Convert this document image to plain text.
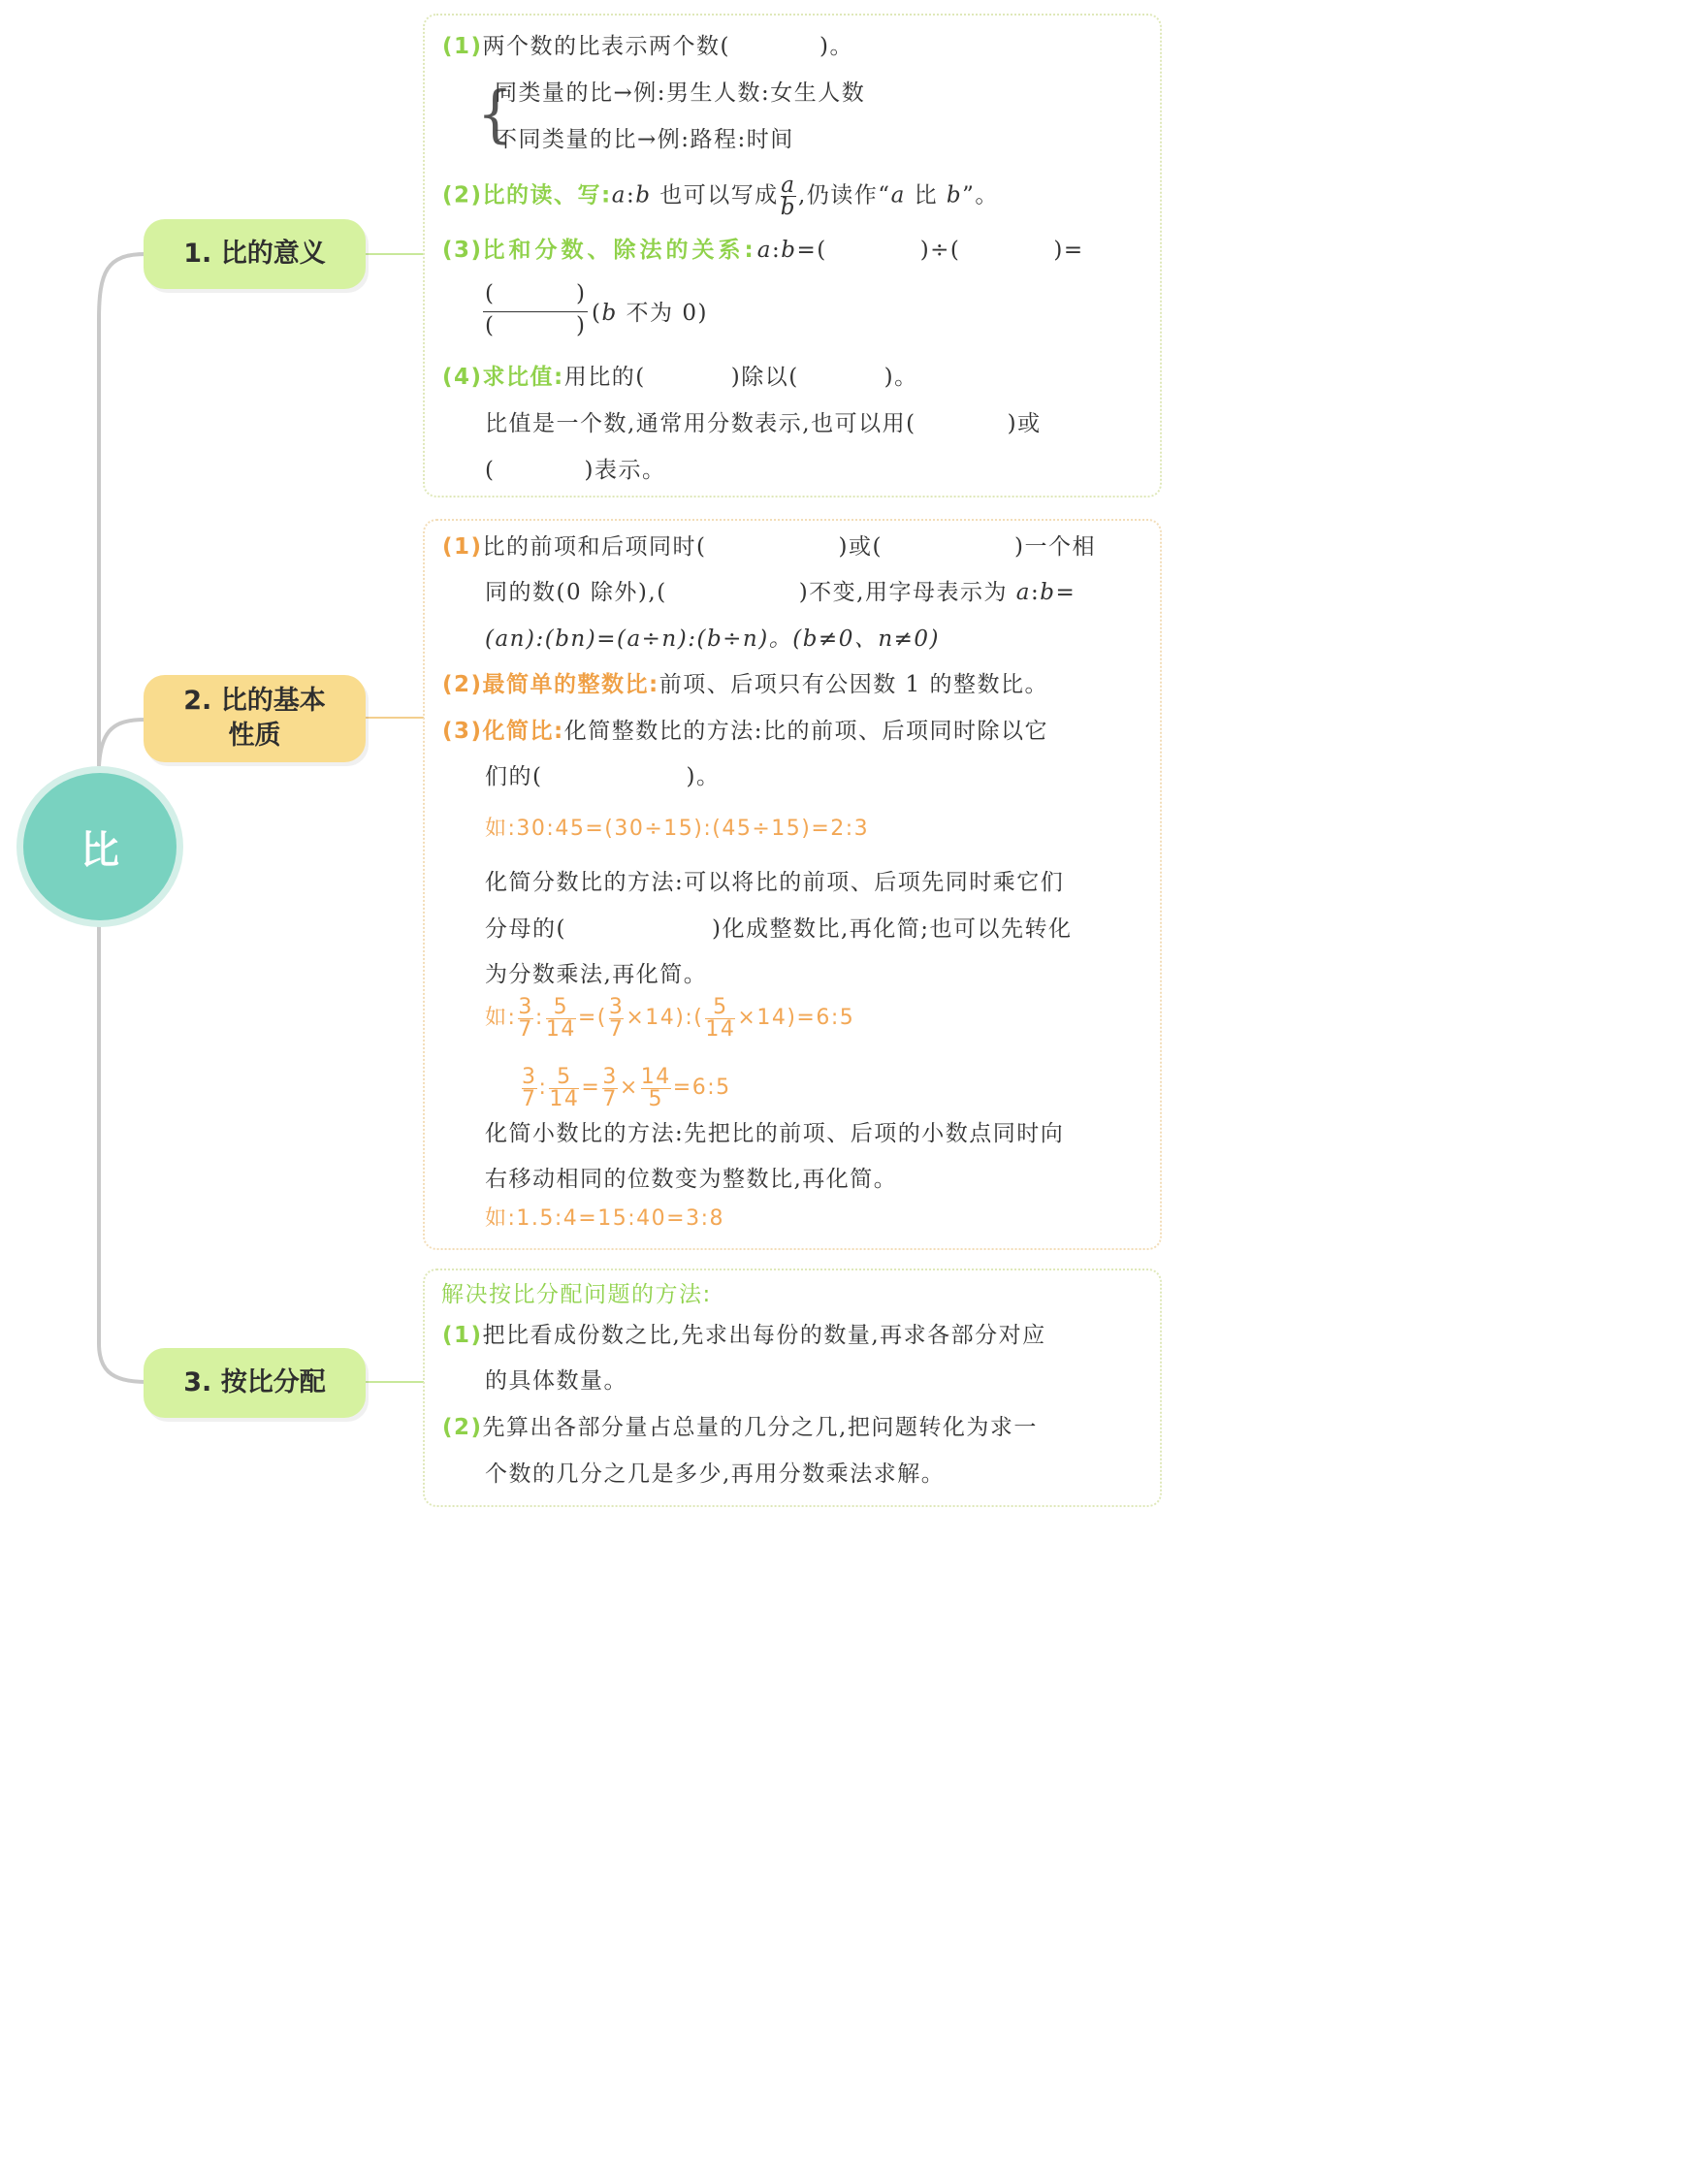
比
1. 比的意义
2. 比的基本
性质
3. 按比分配
(1)两个数的比表示两个数(	)。
{
同类量的比→例:男生人数:女生人数
不同类量的比→例:路程:时间
(2)比的读、写:a:b 也可以写成 $\frac{a}{b}$ ,仍读作“a 比 b”。
(3)比和分数、除法的关系:a:b=(	)÷(	)=
(	)
(	) (b 不为 0)
(4)求比值:用比的(	)除以(	)。
比值是一个数,通常用分数表示,也可以用(	)或
(	)表示。
(1)比的前项和后项同时(	)或(	)一个相
同的数(0 除外),(	)不变,用字母表示为 a:b=
(an):(bn)=(a÷n):(b÷n)。(b≠0、n≠0)
(2)最简单的整数比:前项、后项只有公因数 1 的整数比。
(3)化简比:化简整数比的方法:比的前项、后项同时除以它
们的(	)。
如:30:45=(30÷15):(45÷15)=2:3
化简分数比的方法:可以将比的前项、后项先同时乘它们
分母的(	)化成整数比,再化简;也可以先转化
为分数乘法,再化简。
如: $\frac{3}{7}$ : $\frac{5}{14}$ =( $\frac{3}{7}$ ×14):( $\frac{5}{14}$ ×14)=6:5
$\frac{3}{7}$ : $\frac{5}{14} = \frac{3}{7} \times \frac{14}{5}$ =6:5
化简小数比的方法:先把比的前项、后项的小数点同时向
右移动相同的位数变为整数比,再化简。
如:1.5:4=15:40=3:8
解决按比分配问题的方法:
(1)把比看成份数之比,先求出每份的数量,再求各部分对应
的具体数量。
(2)先算出各部分量占总量的几分之几,把问题转化为求一
个数的几分之几是多少,再用分数乘法求解。
